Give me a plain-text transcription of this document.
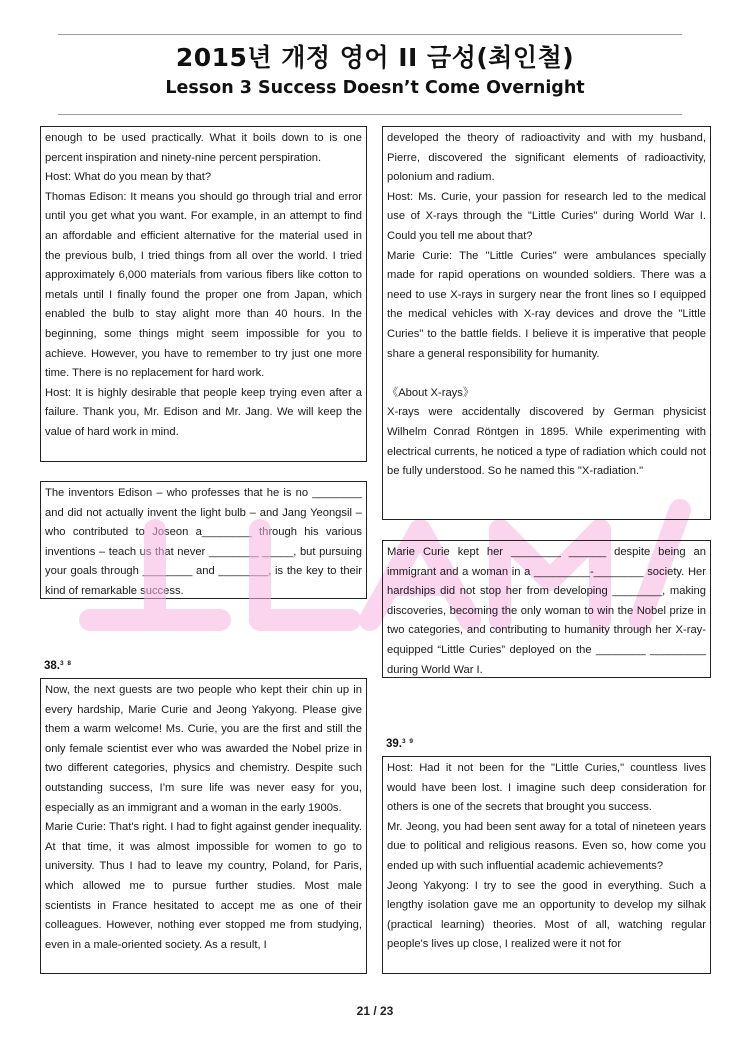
2015년 개정 영어 II 금성(최인철)
Lesson 3 Success Doesn’t Come Overnight

enough to be used practically. What it boils down to is one percent inspiration and ninety-nine percent perspiration.

Host: What do you mean by that?

Thomas Edison: It means you should go through trial and error until you get what you want. For example, in an attempt to find an affordable and efficient alternative for the material used in the previous bulb, I tried things from all over the world. I tried approximately 6,000 materials from various fibers like cotton to metals until I finally found the proper one from Japan, which enabled the bulb to stay alight more than 40 hours. In the beginning, some things might seem impossible for you to achieve. However, you have to remember to try just one more time. There is no replacement for hard work.

Host: It is highly desirable that people keep trying even after a failure. Thank you, Mr. Edison and Mr. Jang. We will keep the value of hard work in mind.

The inventors Edison – who professes that he is no ________ and did not actually invent the light bulb – and Jang Yeongsil – who contributed to Joseon a________ through his various inventions – teach us that never ________ _____, but pursuing your goals through ________ and ________, is the key to their kind of remarkable success.

38.$^{3 8}$

Now, the next guests are two people who kept their chin up in every hardship, Marie Curie and Jeong Yakyong. Please give them a warm welcome! Ms. Curie, you are the first and still the only female scientist ever who was awarded the Nobel prize in two different categories, physics and chemistry. Despite such outstanding success, I’m sure life was never easy for you, especially as an immigrant and a woman in the early 1900s.

Marie Curie: That's right. I had to fight against gender inequality. At that time, it was almost impossible for women to go to university. Thus I had to leave my country, Poland, for Paris, which allowed me to pursue further studies. Most male scientists in France hesitated to accept me as one of their colleagues. However, nothing ever stopped me from studying, even in a male-oriented society. As a result, I

developed the theory of radioactivity and with my husband, Pierre, discovered the significant elements of radioactivity, polonium and radium.

Host: Ms. Curie, your passion for research led to the medical use of X-rays through the "Little Curies" during World War I. Could you tell me about that?

Marie Curie: The "Little Curies" were ambulances specially made for rapid operations on wounded soldiers. There was a need to use X-rays in surgery near the front lines so I equipped the medical vehicles with X-ray devices and drove the "Little Curies" to the battle fields. I believe it is imperative that people share a general responsibility for humanity.

《About X-rays》

X-rays were accidentally discovered by German physicist Wilhelm Conrad Röntgen in 1895. While experimenting with electrical currents, he noticed a type of radiation which could not be fully understood. So he named this "X-radiation."

Marie Curie kept her ________ ______ despite being an immigrant and a woman in a _________-________ society. Her hardships did not stop her from developing ________, making discoveries, becoming the only woman to win the Nobel prize in two categories, and contributing to humanity through her X-ray-equipped “Little Curies” deployed on the ________ _________ during World War I.

39.$^{3 9}$

Host: Had it not been for the "Little Curies," countless lives would have been lost. I imagine such deep consideration for others is one of the secrets that brought you success.

Mr. Jeong, you had been sent away for a total of nineteen years due to political and religious reasons. Even so, how come you ended up with such influential academic achievements?

Jeong Yakyong: I try to see the good in everything. Such a lengthy isolation gave me an opportunity to develop my silhak (practical learning) theories. Most of all, watching regular people's lives up close, I realized were it not for

21 / 23
